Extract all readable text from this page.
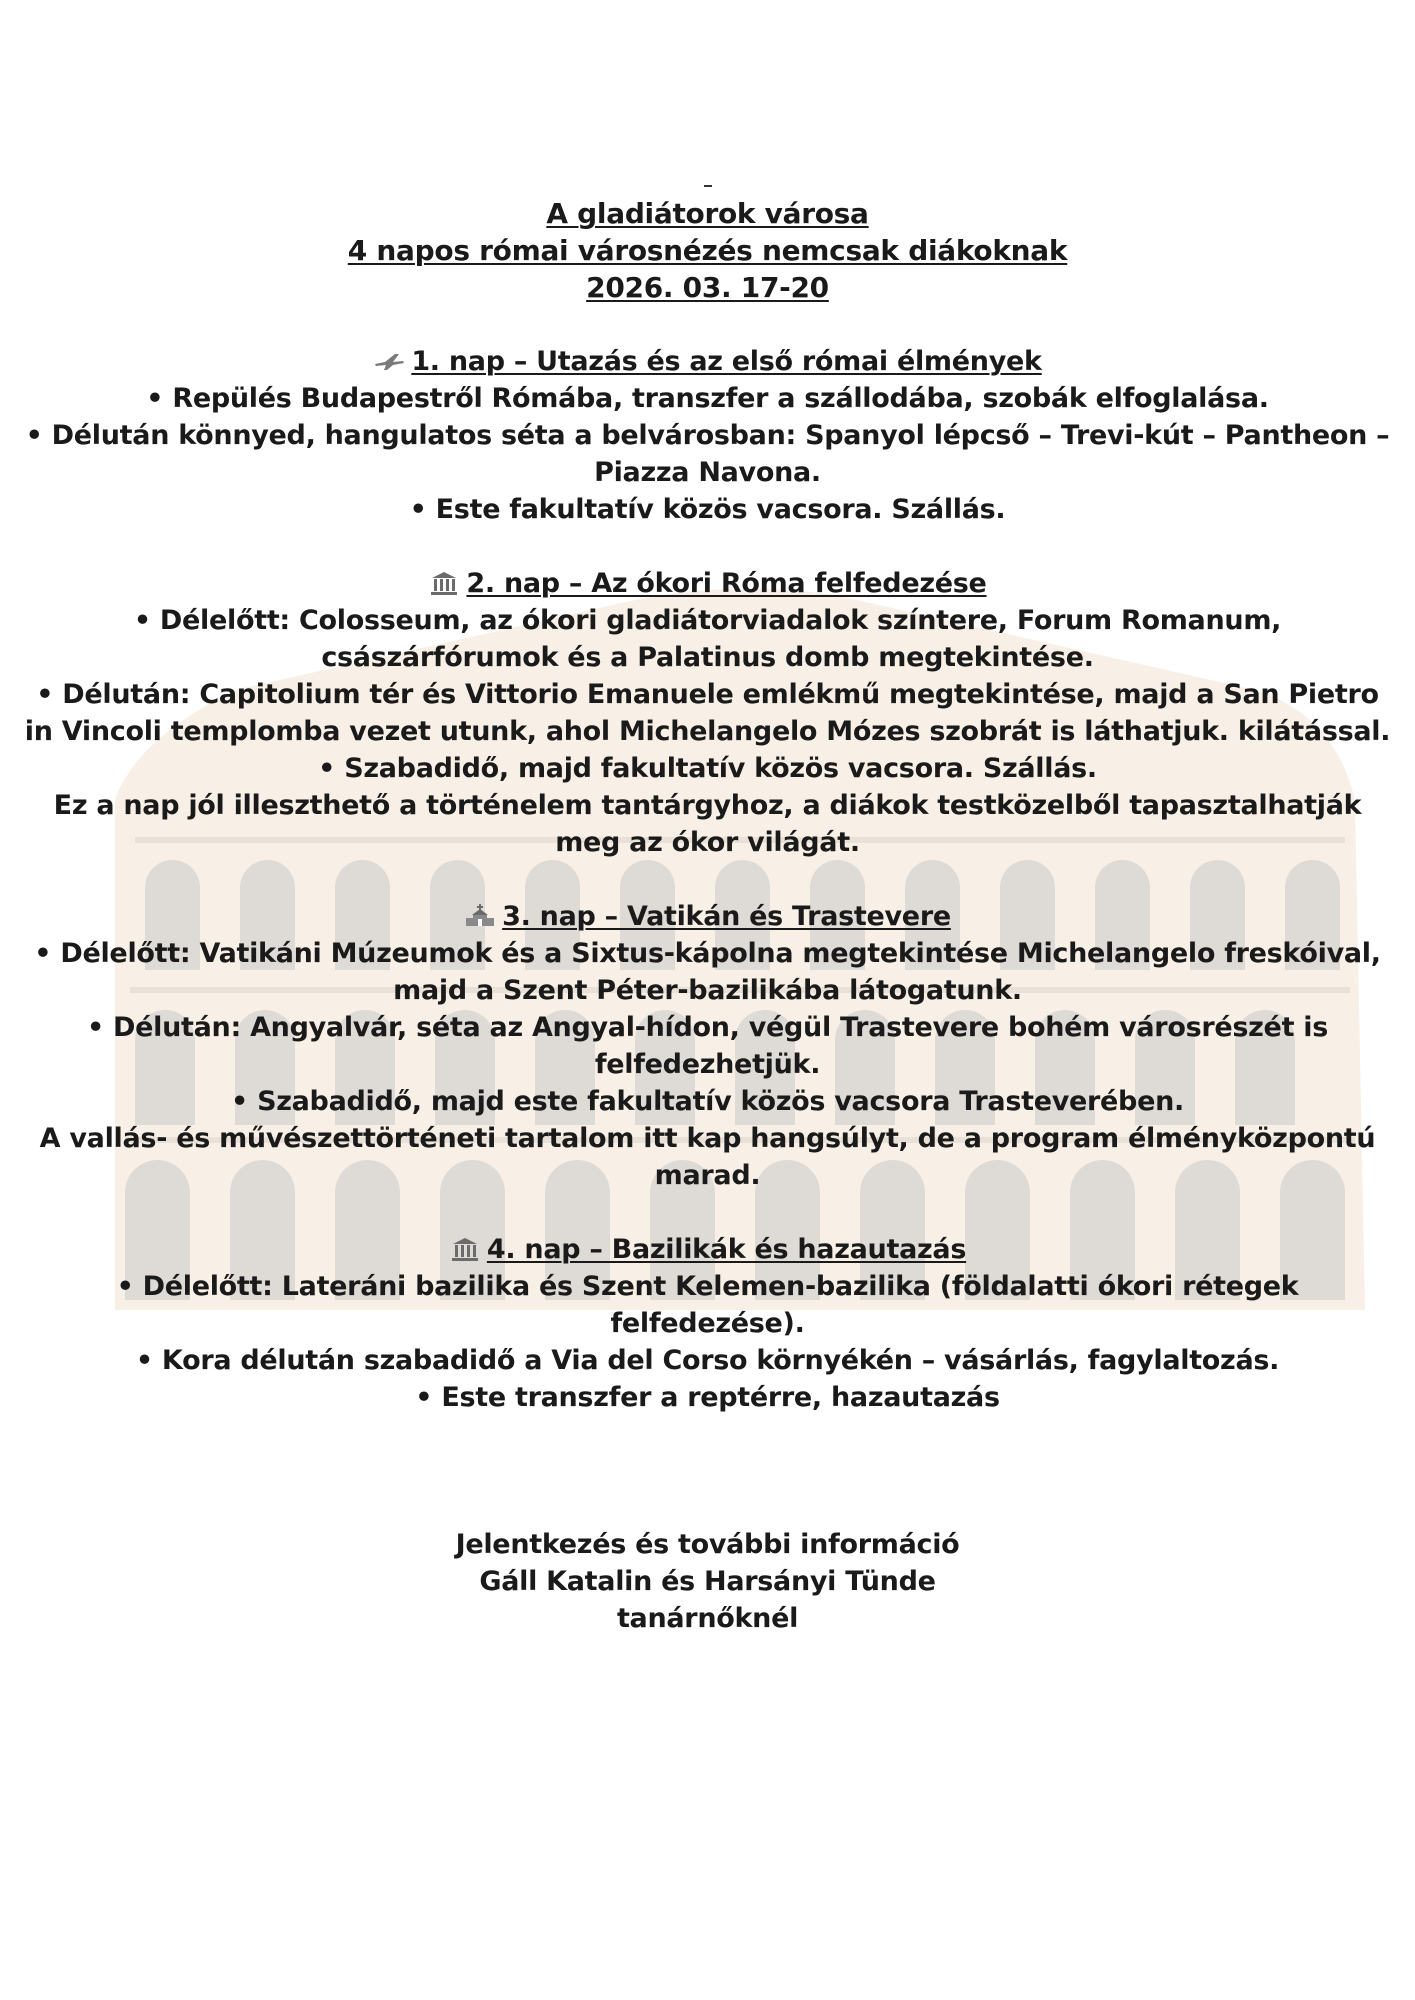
A gladiátorok városa

4 napos római városnézés nemcsak diákoknak

2026. 03. 17-20

1. nap – Utazás és az első római élmények

• Repülés Budapestről Rómába, transzfer a szállodába, szobák elfoglalása.

• Délután könnyed, hangulatos séta a belvárosban: Spanyol lépcső – Trevi-kút – Pantheon – Piazza Navona.

• Este fakultatív közös vacsora. Szállás.

2. nap – Az ókori Róma felfedezése

• Délelőtt: Colosseum, az ókori gladiátorviadalok színtere, Forum Romanum, császárfórumok és a Palatinus domb megtekintése.

• Délután: Capitolium tér és Vittorio Emanuele emlékmű megtekintése, majd a San Pietro in Vincoli templomba vezet utunk, ahol Michelangelo Mózes szobrát is láthatjuk. kilátással.

• Szabadidő, majd fakultatív közös vacsora. Szállás.

Ez a nap jól illeszthető a történelem tantárgyhoz, a diákok testközelből tapasztalhatják meg az ókor világát.

3. nap – Vatikán és Trastevere

• Délelőtt: Vatikáni Múzeumok és a Sixtus-kápolna megtekintése Michelangelo freskóival, majd a Szent Péter-bazilikába látogatunk.

• Délután: Angyalvár, séta az Angyal-hídon, végül Trastevere bohém városrészét is felfedezhetjük.

• Szabadidő, majd este fakultatív közös vacsora Trasteverében.

A vallás- és művészettörténeti tartalom itt kap hangsúlyt, de a program élményközpontú marad.

4. nap – Bazilikák és hazautazás

• Délelőtt: Lateráni bazilika és Szent Kelemen-bazilika (földalatti ókori rétegek felfedezése).

• Kora délután szabadidő a Via del Corso környékén – vásárlás, fagylaltozás.

• Este transzfer a reptérre, hazautazás

Jelentkezés és további információ

Gáll Katalin és Harsányi Tünde

tanárnőknél
